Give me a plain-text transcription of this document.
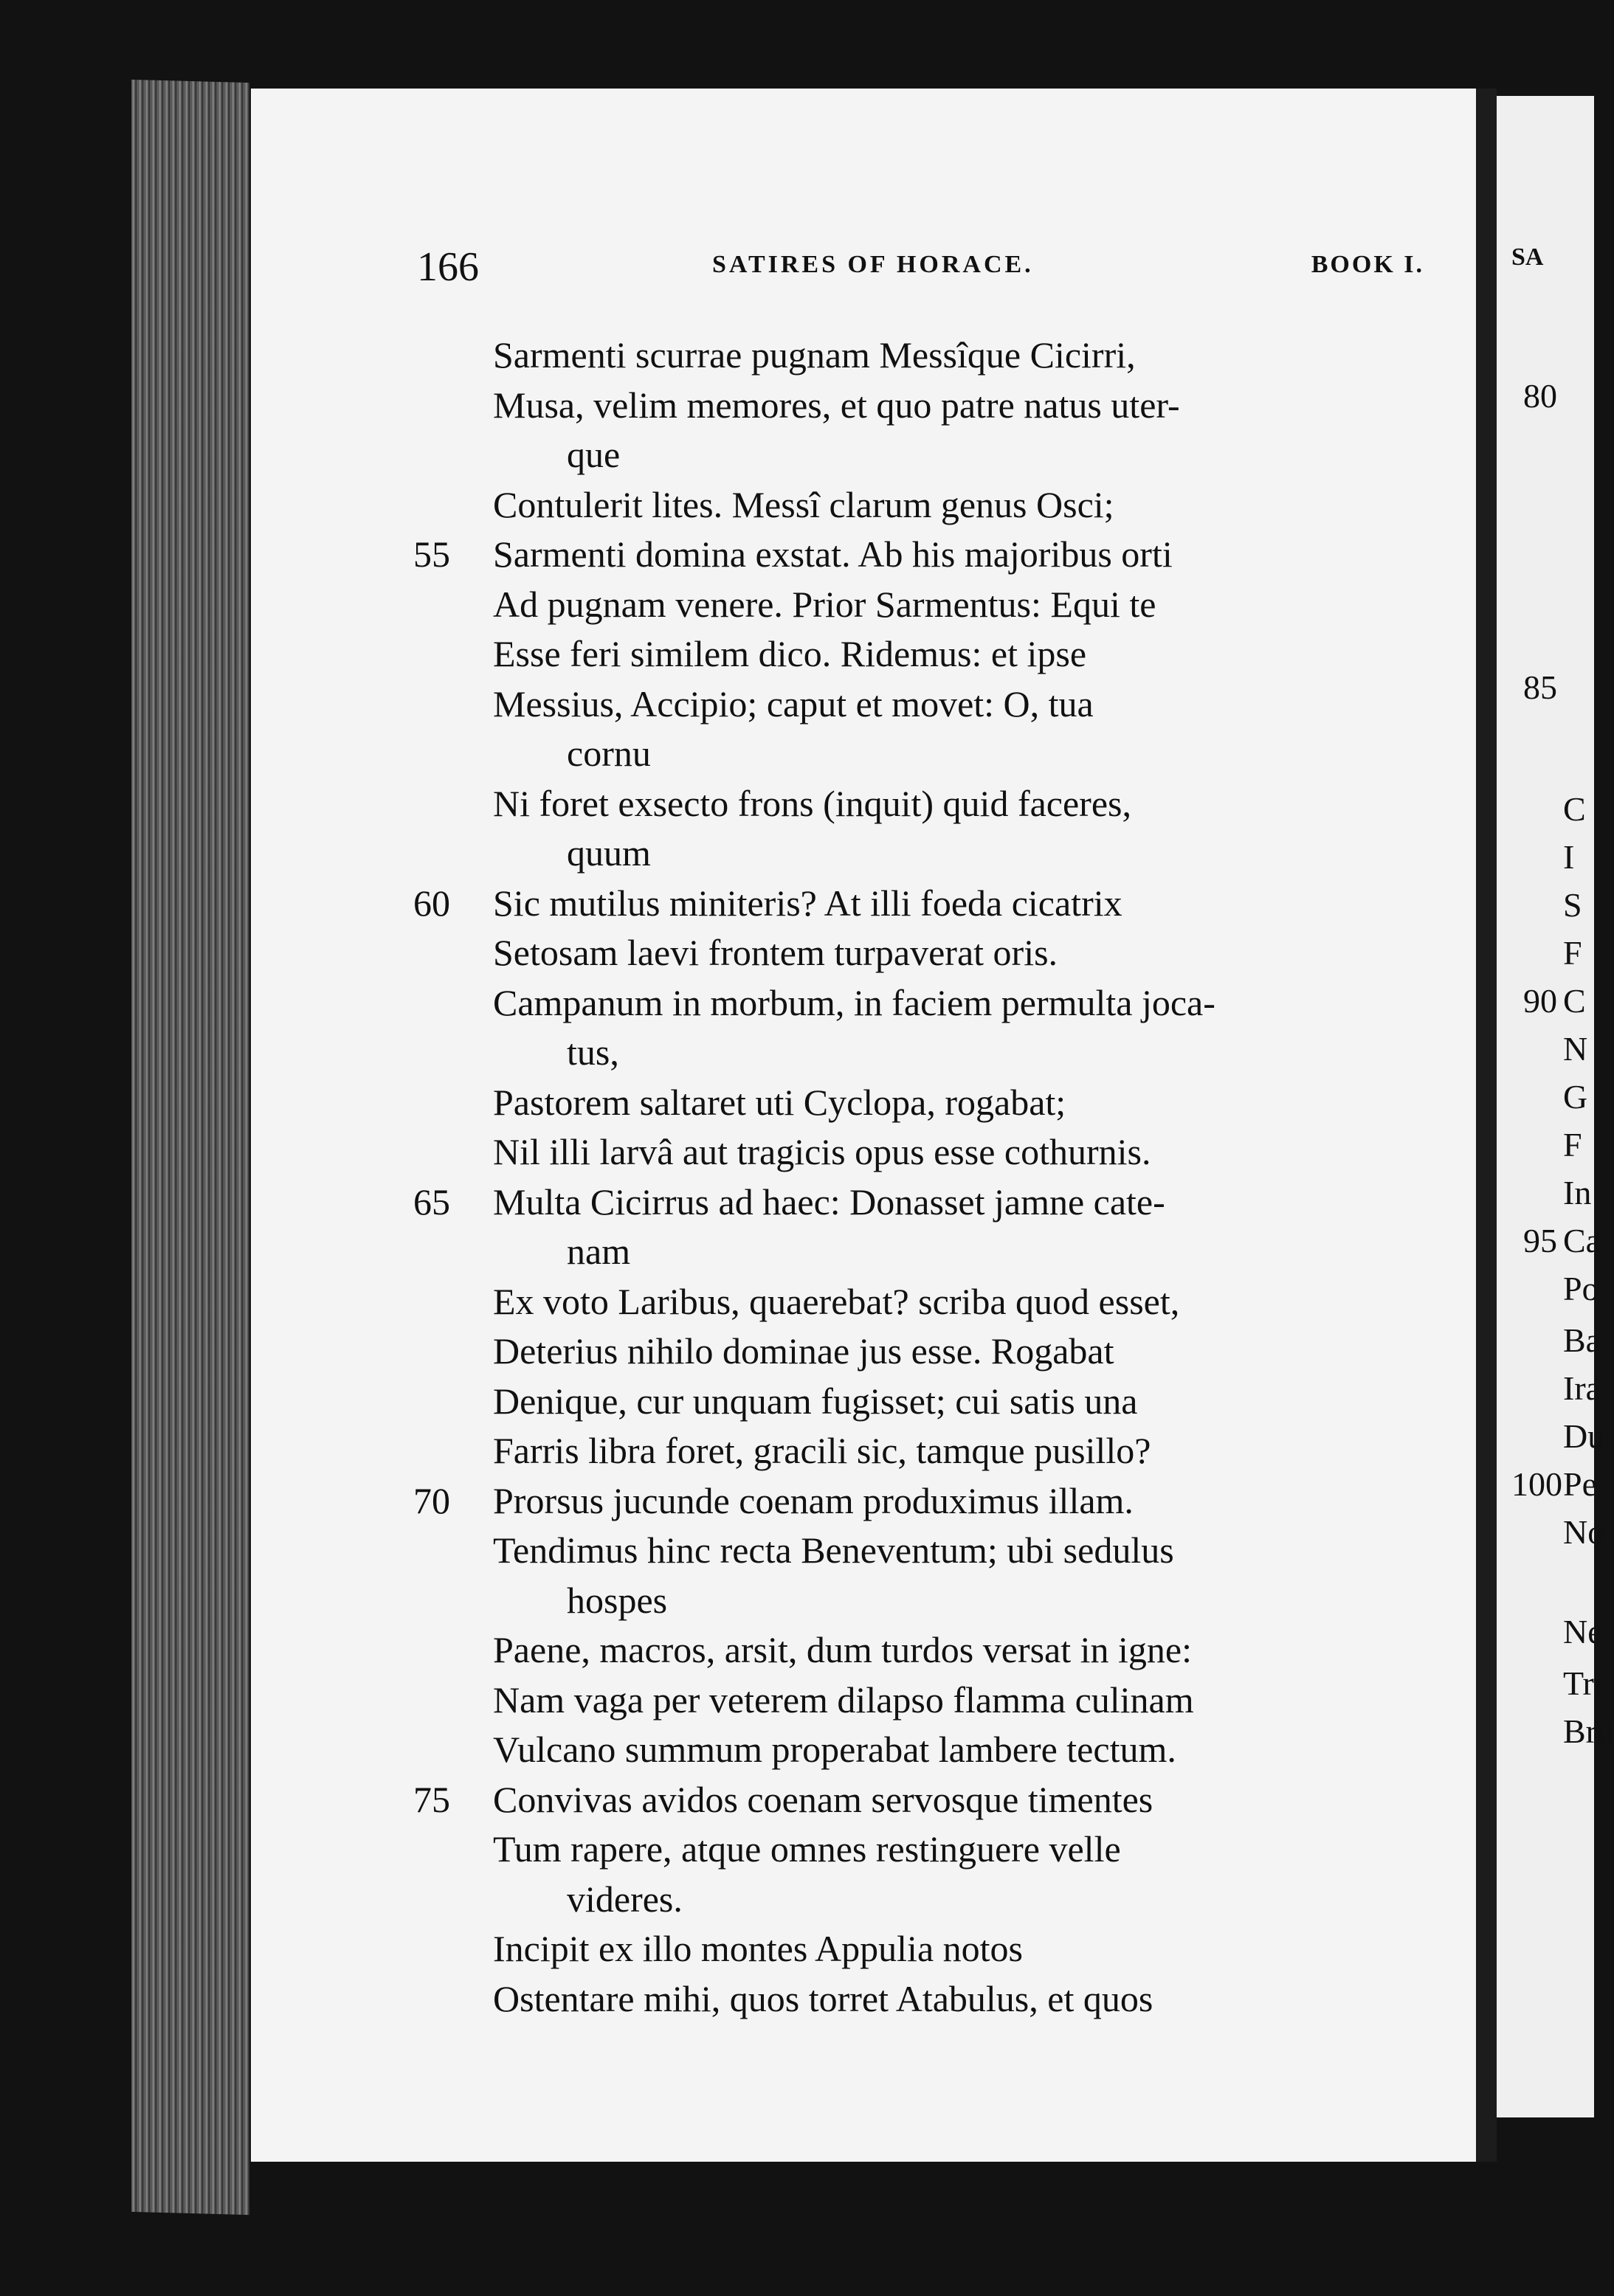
166	SATIRES OF HORACE.	BOOK I.
Sarmenti scurrae pugnam Messîque Cicirri,
Musa, velim memores, et quo patre natus uter-
que
Contulerit lites. Messî clarum genus Osci;
55	Sarmenti domina exstat. Ab his majoribus orti
Ad pugnam venere. Prior Sarmentus: Equi te
Esse feri similem dico. Ridemus: et ipse
Messius, Accipio; caput et movet: O, tua
cornu
Ni foret exsecto frons (inquit) quid faceres,
quum
60	Sic mutilus miniteris? At illi foeda cicatrix
Setosam laevi frontem turpaverat oris.
Campanum in morbum, in faciem permulta joca-
tus,
Pastorem saltaret uti Cyclopa, rogabat;
Nil illi larvâ aut tragicis opus esse cothurnis.
65	Multa Cicirrus ad haec: Donasset jamne cate-
nam
Ex voto Laribus, quaerebat? scriba quod esset,
Deterius nihilo dominae jus esse. Rogabat
Denique, cur unquam fugisset; cui satis una
Farris libra foret, gracili sic, tamque pusillo?
70	Prorsus jucunde coenam produximus illam.
Tendimus hinc recta Beneventum; ubi sedulus
hospes
Paene, macros, arsit, dum turdos versat in igne:
Nam vaga per veterem dilapso flamma culinam
Vulcano summum properabat lambere tectum.
75	Convivas avidos coenam servosque timentes
Tum rapere, atque omnes restinguere velle
videres.
Incipit ex illo montes Appulia notos
Ostentare mihi, quos torret Atabulus, et quos
SA
80
85
C
I
S
F
90 C
N
G
F
In
95 Ca
Po
Ba
Ira
Du
100Pe
No
Ne
Tri
Bru
